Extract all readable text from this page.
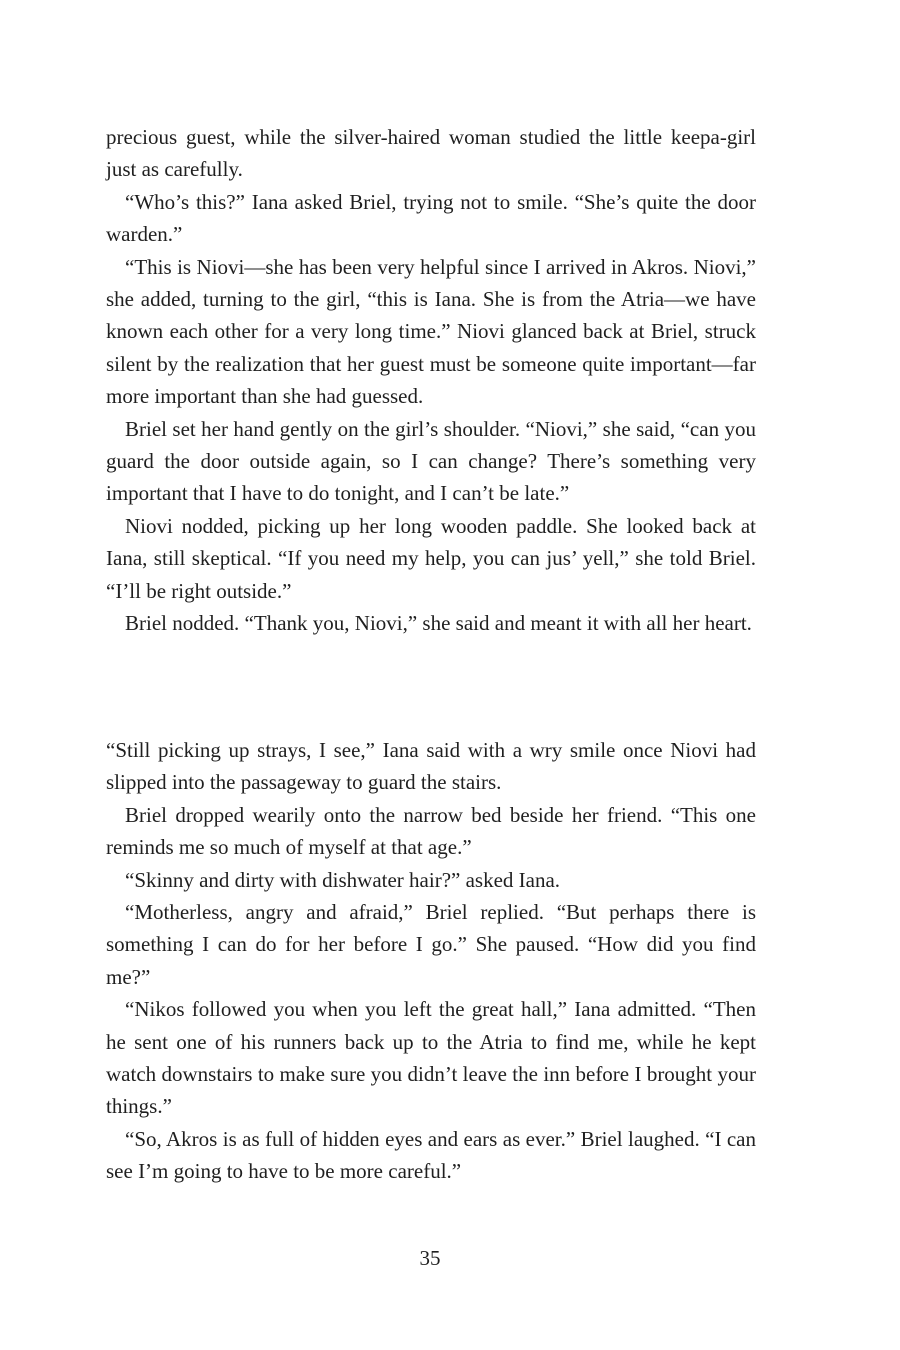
precious guest, while the silver-haired woman studied the little keepa-girl just as carefully.

“Who’s this?” Iana asked Briel, trying not to smile. “She’s quite the door warden.”

“This is Niovi—she has been very helpful since I arrived in Akros. Niovi,” she added, turning to the girl, “this is Iana. She is from the Atria—we have known each other for a very long time.” Niovi glanced back at Briel, struck silent by the realization that her guest must be someone quite important—far more important than she had guessed.

Briel set her hand gently on the girl’s shoulder. “Niovi,” she said, “can you guard the door outside again, so I can change? There’s something very important that I have to do tonight, and I can’t be late.”

Niovi nodded, picking up her long wooden paddle. She looked back at Iana, still skeptical. “If you need my help, you can jus’ yell,” she told Briel. “I’ll be right outside.”

Briel nodded. “Thank you, Niovi,” she said and meant it with all her heart.

“Still picking up strays, I see,” Iana said with a wry smile once Niovi had slipped into the passageway to guard the stairs.

Briel dropped wearily onto the narrow bed beside her friend. “This one reminds me so much of myself at that age.”

“Skinny and dirty with dishwater hair?” asked Iana.

“Motherless, angry and afraid,” Briel replied. “But perhaps there is something I can do for her before I go.” She paused. “How did you find me?”

“Nikos followed you when you left the great hall,” Iana admitted. “Then he sent one of his runners back up to the Atria to find me, while he kept watch downstairs to make sure you didn’t leave the inn before I brought your things.”

“So, Akros is as full of hidden eyes and ears as ever.” Briel laughed. “I can see I’m going to have to be more careful.”

35
